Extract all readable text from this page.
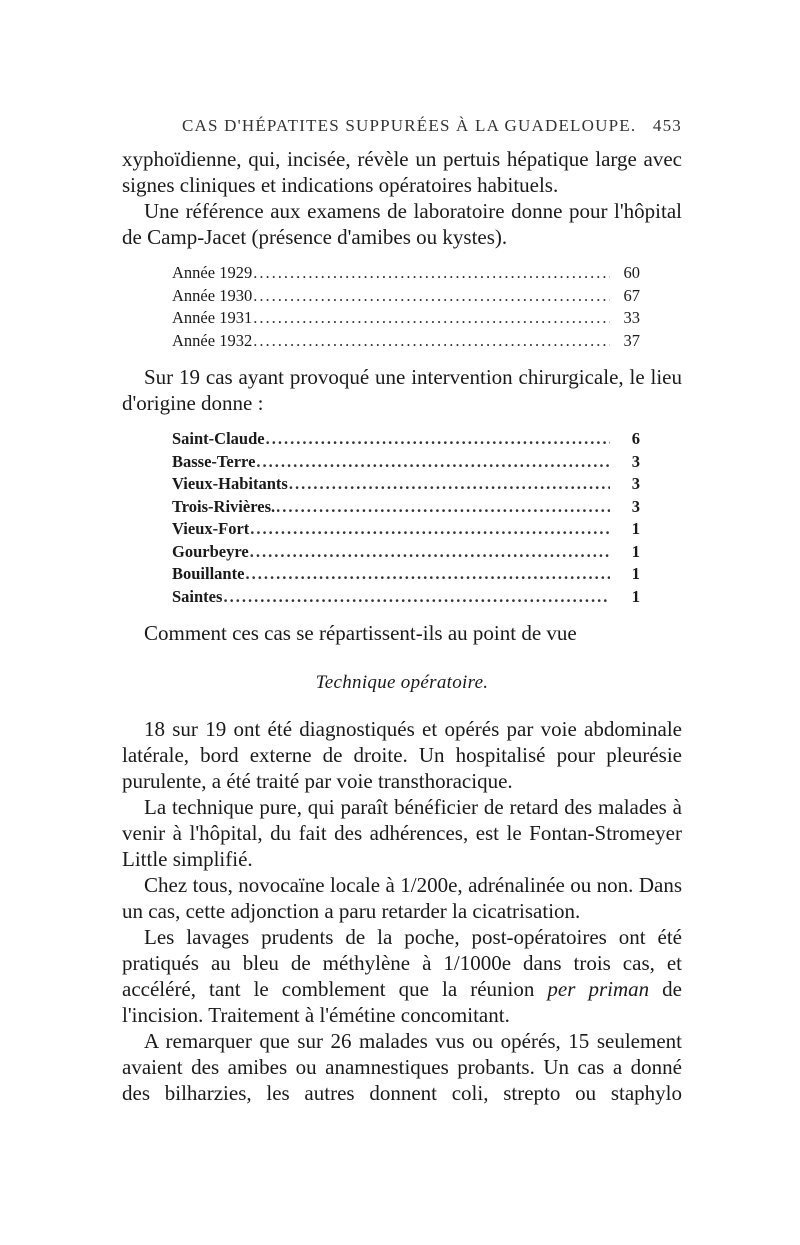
CAS D'HÉPATITES SUPPURÉES À LA GUADELOUPE. 453

xyphoïdienne, qui, incisée, révèle un pertuis hépatique large avec signes cliniques et indications opératoires habituels.

Une référence aux examens de laboratoire donne pour l'hôpital de Camp-Jacet (présence d'amibes ou kystes).

Année 1929 .....	60
Année 1930 .....	67
Année 1931 .....	33
Année 1932 .....	37

Sur 19 cas ayant provoqué une intervention chirurgicale, le lieu d'origine donne :

Saint-Claude .....	6
Basse-Terre .....	3
Vieux-Habitants .....	3
Trois-Rivières. .....	3
Vieux-Fort .....	1
Gourbeyre .....	1
Bouillante .....	1
Saintes .....	1

Comment ces cas se répartissent-ils au point de vue

Technique opératoire.

18 sur 19 ont été diagnostiqués et opérés par voie abdominale latérale, bord externe de droite. Un hospitalisé pour pleurésie purulente, a été traité par voie transthoracique.

La technique pure, qui paraît bénéficier de retard des malades à venir à l'hôpital, du fait des adhérences, est le Fontan-Stromeyer Little simplifié.

Chez tous, novocaïne locale à 1/200e, adrénalinée ou non. Dans un cas, cette adjonction a paru retarder la cicatrisation.

Les lavages prudents de la poche, post-opératoires ont été pratiqués au bleu de méthylène à 1/1000e dans trois cas, et accéléré, tant le comblement que la réunion per priman de l'incision. Traitement à l'émétine concomitant.

A remarquer que sur 26 malades vus ou opérés, 15 seulement avaient des amibes ou anamnestiques probants. Un cas a donné des bilharzies, les autres donnent coli, strepto ou staphylo
